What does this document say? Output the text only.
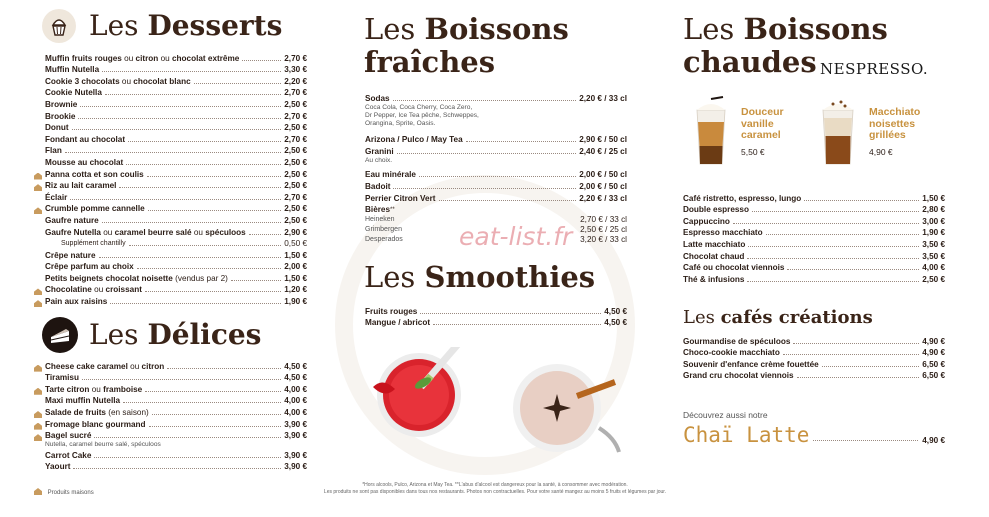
eat-list.fr
Les Desserts
Muffin fruits rouges ou citron ou chocolat extrême	2,70 €
Muffin Nutella	3,30 €
Cookie 3 chocolats ou chocolat blanc	2,20 €
Cookie Nutella	2,70 €
Brownie	2,50 €
Brookie	2,70 €
Donut	2,50 €
Fondant au chocolat	2,70 €
Flan	2,50 €
Mousse au chocolat	2,50 €
Panna cotta et son coulis	2,50 €
Riz au lait caramel	2,50 €
Éclair	2,70 €
Crumble pomme cannelle	2,50 €
Gaufre nature	2,50 €
Gaufre Nutella ou caramel beurre salé ou spéculoos	2,90 €
Supplément chantilly	0,50 €
Crêpe nature	1,50 €
Crêpe parfum au choix	2,00 €
Petits beignets chocolat noisette (vendus par 2)	1,50 €
Chocolatine ou croissant	1,20 €
Pain aux raisins	1,90 €
Les Délices
Cheese cake caramel ou citron	4,50 €
Tiramisu	4,50 €
Tarte citron ou framboise	4,00 €
Maxi muffin Nutella	4,00 €
Salade de fruits (en saison)	4,00 €
Fromage blanc gourmand	3,90 €
Bagel sucré	3,90 €
Nutella, caramel beurre salé, spéculoos
Carrot Cake	3,90 €
Yaourt	3,90 €
Produits maisons
Les Boissons
fraîches
Sodas	2,20 € / 33 cl
Coca Cola, Coca Cherry, Coca Zero,
Dr Pepper, Ice Tea pêche, Schweppes,
Orangina, Sprite, Oasis.
Arizona / Pulco / May Tea	2,90 € / 50 cl
Granini	2,40 € / 25 cl
Au choix.
Eau minérale	2,00 € / 50 cl
Badoit	2,00 € / 50 cl
Perrier Citron Vert	2,20 € / 33 cl
Bières **
Heineken	2,70 € / 33 cl
Grimbergen	2,50 € / 25 cl
Desperados	3,20 € / 33 cl
Les Smoothies
Fruits rouges	4,50 €
Mangue / abricot	4,50 €
*Hors alcools, Pulco, Arizona et May Tea. **L'abus d'alcool est dangereux pour la santé, à consommer avec modération.
Les produits ne sont pas disponibles dans tous nos restaurants. Photos non contractuelles. Pour votre santé mangez au moins 5 fruits et légumes par jour.
Les Boissons
chaudes NESPRESSO.
Douceur
vanille
caramel
5,50 €
Macchiato
noisettes
grillées
4,90 €
Café ristretto, espresso, lungo	1,50 €
Double espresso	2,80 €
Cappuccino	3,00 €
Espresso macchiato	1,90 €
Latte macchiato	3,50 €
Chocolat chaud	3,50 €
Café ou chocolat viennois	4,00 €
Thé & infusions	2,50 €
Les cafés créations
Gourmandise de spéculoos	4,90 €
Choco-cookie macchiato	4,90 €
Souvenir d'enfance crème fouettée	6,50 €
Grand cru chocolat viennois	6,50 €
Découvrez aussi notre
Chaï Latte	4,90 €
